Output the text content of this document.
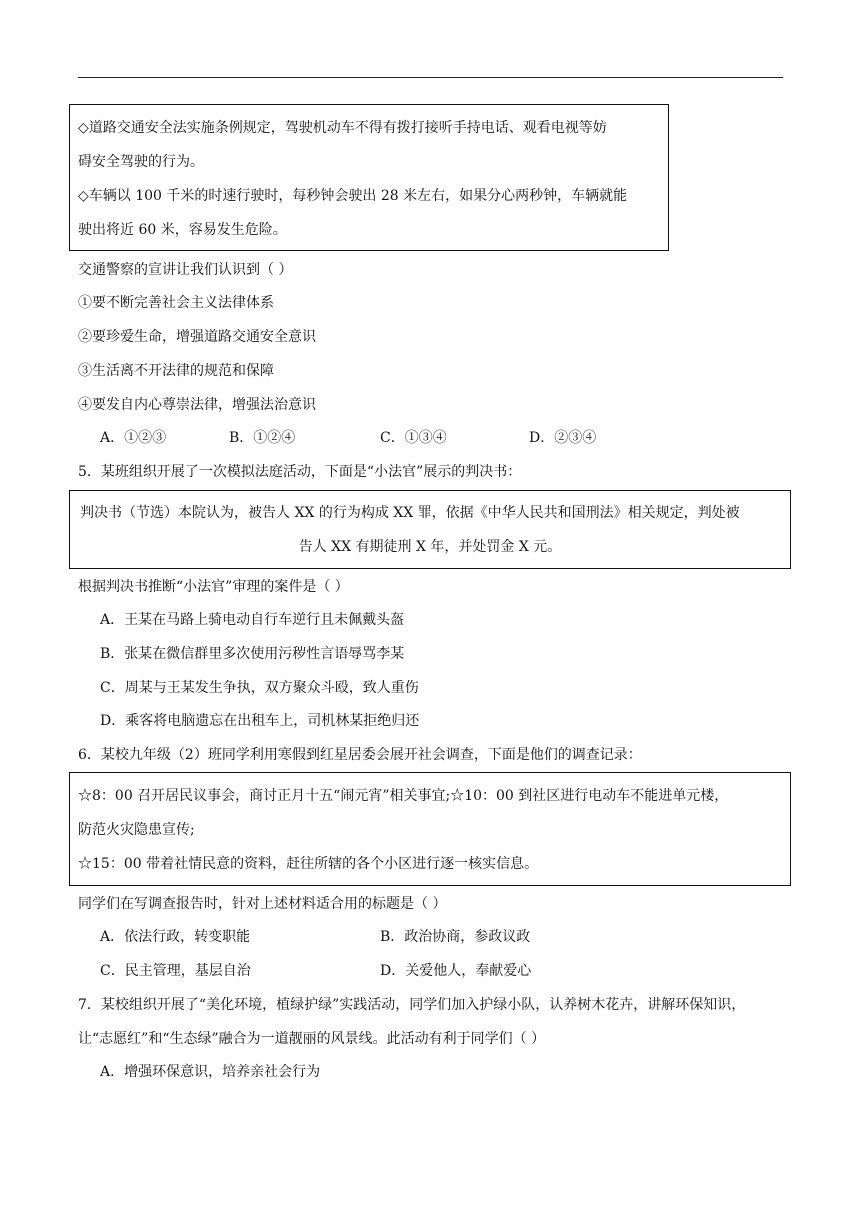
◇道路交通安全法实施条例规定，驾驶机动车不得有拨打接听手持电话、观看电视等妨
碍安全驾驶的行为。
◇车辆以 100 千米的时速行驶时，每秒钟会驶出 28 米左右，如果分心两秒钟，车辆就能
驶出将近 60 米，容易发生危险。
交通警察的宣讲让我们认识到（ ）
①要不断完善社会主义法律体系
②要珍爱生命，增强道路交通安全意识
③生活离不开法律的规范和保障
④要发自内心尊崇法律，增强法治意识
A．①②③	B．①②④	C．①③④	D．②③④
5．某班组织开展了一次模拟法庭活动，下面是“小法官”展示的判决书：
判决书（节选）本院认为，被告人 XX 的行为构成 XX 罪，依据《中华人民共和国刑法》相关规定，判处被
告人 XX 有期徒刑 X 年，并处罚金 X 元。
根据判决书推断“小法官”审理的案件是（ ）
A．王某在马路上骑电动自行车逆行且未佩戴头盔
B．张某在微信群里多次使用污秽性言语辱骂李某
C．周某与王某发生争执，双方聚众斗殴，致人重伤
D．乘客将电脑遗忘在出租车上，司机林某拒绝归还
6．某校九年级（2）班同学利用寒假到红星居委会展开社会调查，下面是他们的调查记录：
☆8：00 召开居民议事会，商讨正月十五“闹元宵”相关事宜;☆10：00 到社区进行电动车不能进单元楼，
防范火灾隐患宣传;
☆15：00 带着社情民意的资料，赶往所辖的各个小区进行逐一核实信息。
同学们在写调查报告时，针对上述材料适合用的标题是（ ）
A．依法行政，转变职能	B．政治协商，参政议政
C．民主管理，基层自治	D．关爱他人，奉献爱心
7．某校组织开展了“美化环境，植绿护绿”实践活动，同学们加入护绿小队，认养树木花卉，讲解环保知识，
让“志愿红”和“生态绿”融合为一道靓丽的风景线。此活动有利于同学们（ ）
A．增强环保意识，培养亲社会行为
